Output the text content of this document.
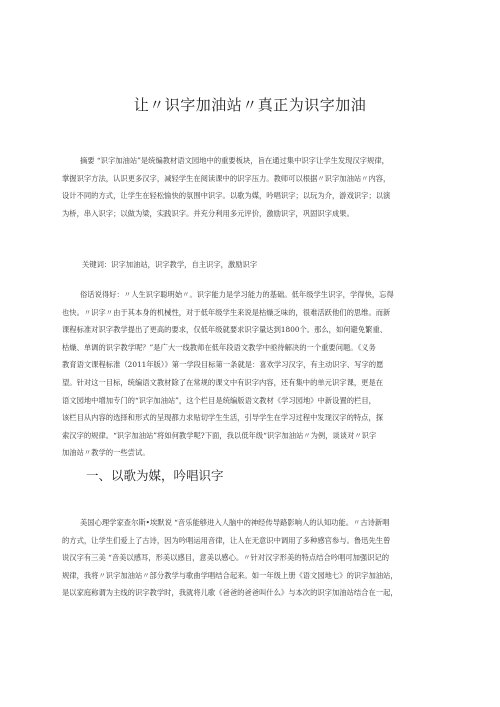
让〃识字加油站〃真正为识字加油
摘要 “识字加油站”是统编教材语文园地中的重要板块，旨在通过集中识字让学生发现汉字规律，
掌握识字方法，认识更多汉字，减轻学生在阅读课中的识字压力。教师可以根据〃识字加油站〃内容，
设计不同的方式，让学生在轻松愉快的氛围中识字。以歌为媒，吟唱识字；以玩为介，游戏识字；以演
为桥，串入识字；以做为梁，实践识字。并充分利用多元评价，激励识字，巩固识字成果。
关键词：识字加油站，识字教学，自主识字，激励识字
俗话说得好：〃人生识字聪明始〃。识字能力是学习能力的基础。低年级学生识字，学得快，忘得
也快。〃识字〃由于其本身的机械性，对于低年级学生来说是枯燥乏味的，很难活跃他们的思维。而新
课程标准对识字教学提出了更高的要求，仅低年级就要求识字量达到1800个。那么，如何避免繁重、
枯燥、单调的识字教学呢？”是广大一线教师在低年段语文教学中亟待解决的一个重要问题。《义务
教育语文课程标准（2011年版）》第一学段目标第一条就是：喜欢学习汉字，有主动识字、写字的愿
望。针对这一目标，统编语文教材除了在常规的课文中有识字内容，还有集中的单元识字课，更是在
语文园地中增加专门的“识字加油站”，这个栏目是统编版语文教材《学习园地》中新设置的栏目，
该栏目从内容的选择和形式的呈现都力求贴切学生生活，引导学生在学习过程中发现汉字的特点，探
索汉字的规律。“识字加油站”将如何教学呢?下面，我以低年级“识字加油站〃为例，谈谈对〃识字
加油站〃教学的一些尝试。
一、以歌为媒，吟唱识字
美国心理学家查尔斯•埃默说 “音乐能够进入人脑中的神经传导路影响人的认知功能。〃古诗新唱
的方式，让学生们爱上了古诗，因为吟唱运用音律，让人在无意识中调用了多种感官参与。鲁迅先生曾
说汉字有三美 “音美以感耳，形美以感目，意美以感心。〃针对汉字形美的特点结合吟唱可加强识记的
规律，我将〃识字加油站〃部分教学与歌曲学唱结合起来。如一年级上册《语文园地七》的识字加油站，
是以家庭称谓为主线的识字教学时，我就将儿歌《爸爸的爸爸叫什么》与本次的识字加油站结合在一起，
